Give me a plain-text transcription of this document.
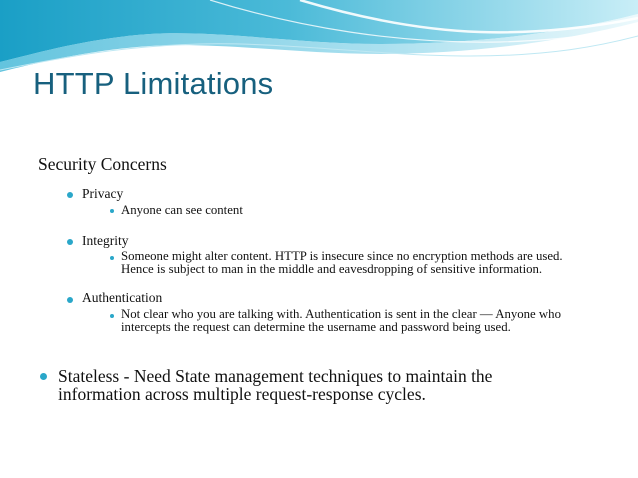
HTTP Limitations
Security Concerns
Privacy
Anyone can see content
Integrity
Someone might alter content. HTTP is insecure since no encryption methods are used.
Hence is subject to man in the middle and eavesdropping of sensitive information.
Authentication
Not clear who you are talking with. Authentication is sent in the clear — Anyone who
intercepts the request can determine the username and password being used.
Stateless - Need State management techniques to maintain the
information across multiple request-response cycles.
